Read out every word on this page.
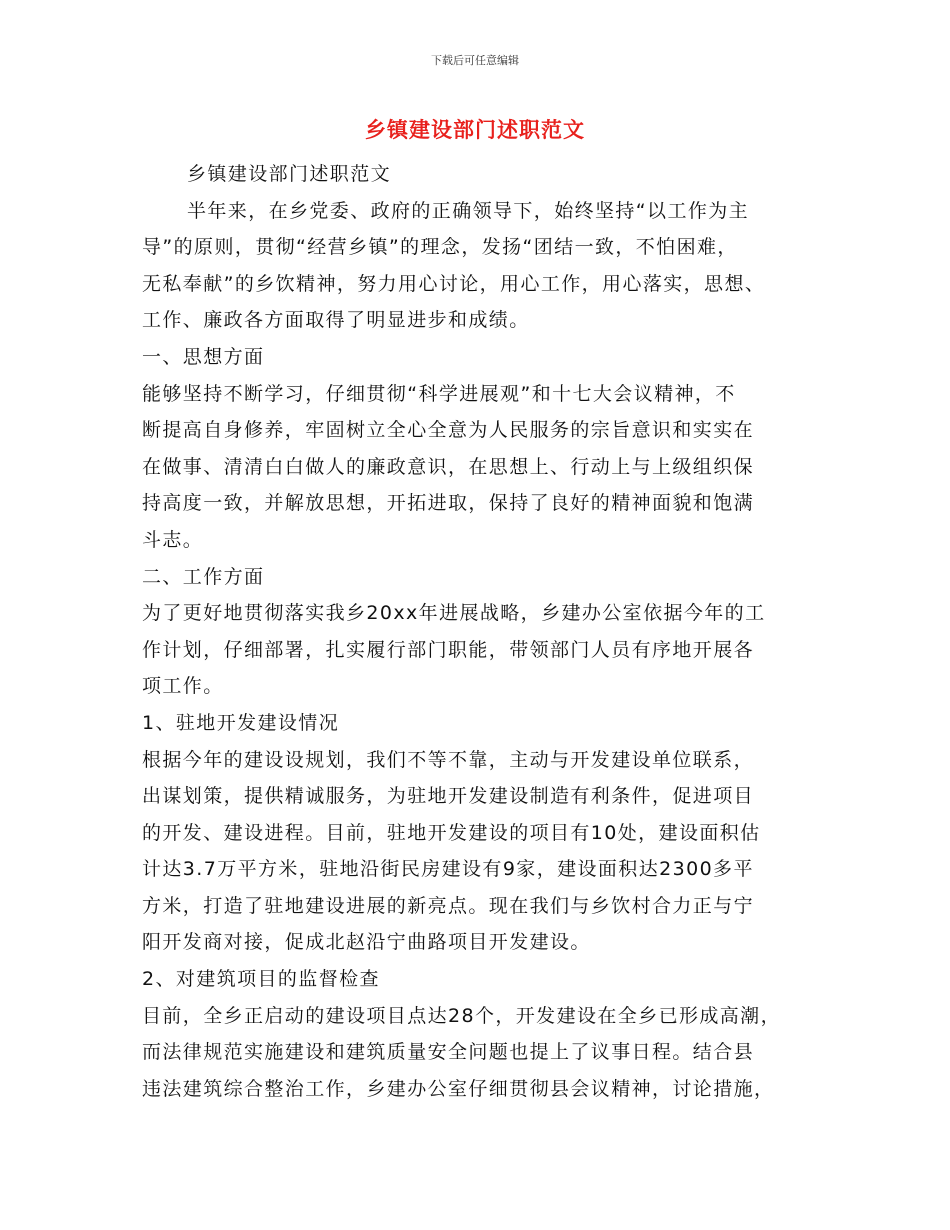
下载后可任意编辑
乡镇建设部门述职范文
乡镇建设部门述职范文
半年来，在乡党委、政府的正确领导下，始终坚持“以工作为主
导”的原则，贯彻“经营乡镇”的理念，发扬“团结一致，不怕困难，
无私奉献”的乡饮精神，努力用心讨论，用心工作，用心落实，思想、
工作、廉政各方面取得了明显进步和成绩。
一、思想方面
能够坚持不断学习，仔细贯彻“科学进展观”和十七大会议精神，不
断提高自身修养，牢固树立全心全意为人民服务的宗旨意识和实实在
在做事、清清白白做人的廉政意识，在思想上、行动上与上级组织保
持高度一致，并解放思想，开拓进取，保持了良好的精神面貌和饱满
斗志。
二、工作方面
为了更好地贯彻落实我乡20xx年进展战略，乡建办公室依据今年的工
作计划，仔细部署，扎实履行部门职能，带领部门人员有序地开展各
项工作。
1、驻地开发建设情况
根据今年的建设设规划，我们不等不靠，主动与开发建设单位联系，
出谋划策，提供精诚服务，为驻地开发建设制造有利条件，促进项目
的开发、建设进程。目前，驻地开发建设的项目有10处，建设面积估
计达3.7万平方米，驻地沿街民房建设有9家，建设面积达2300多平
方米，打造了驻地建设进展的新亮点。现在我们与乡饮村合力正与宁
阳开发商对接，促成北赵沿宁曲路项目开发建设。
2、对建筑项目的监督检查
目前，全乡正启动的建设项目点达28个，开发建设在全乡已形成高潮，
而法律规范实施建设和建筑质量安全问题也提上了议事日程。结合县
违法建筑综合整治工作，乡建办公室仔细贯彻县会议精神，讨论措施，
